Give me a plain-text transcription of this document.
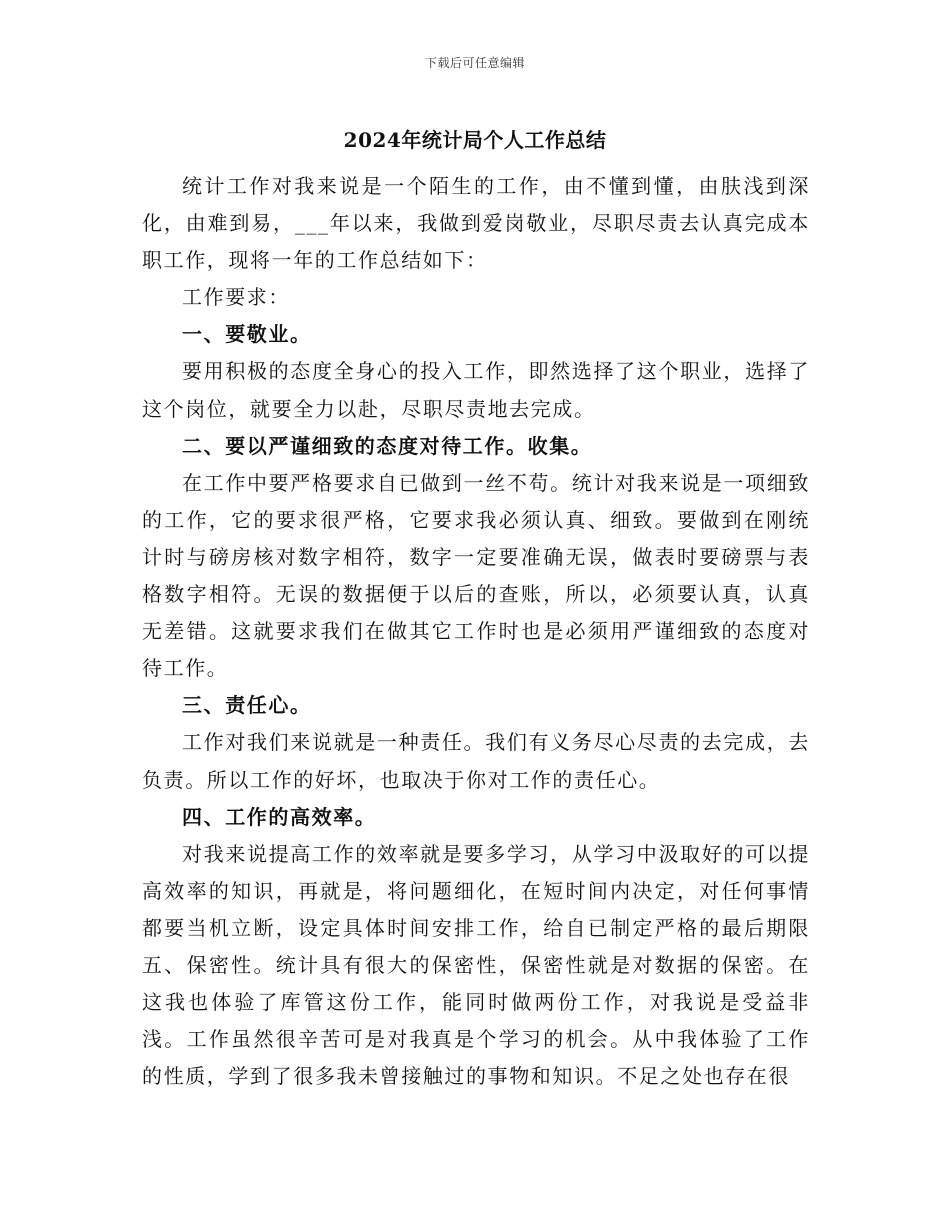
下载后可任意编辑
2024年统计局个人工作总结

统计工作对我来说是一个陌生的工作，由不懂到懂，由肤浅到深化，由难到易，___年以来，我做到爱岗敬业，尽职尽责去认真完成本职工作，现将一年的工作总结如下：

工作要求：

一、要敬业。

要用积极的态度全身心的投入工作，即然选择了这个职业，选择了这个岗位，就要全力以赴，尽职尽责地去完成。

二、要以严谨细致的态度对待工作。收集。

在工作中要严格要求自已做到一丝不苟。统计对我来说是一项细致的工作，它的要求很严格，它要求我必须认真、细致。要做到在刚统计时与磅房核对数字相符，数字一定要准确无误，做表时要磅票与表格数字相符。无误的数据便于以后的查账，所以，必须要认真，认真无差错。这就要求我们在做其它工作时也是必须用严谨细致的态度对待工作。

三、责任心。

工作对我们来说就是一种责任。我们有义务尽心尽责的去完成，去负责。所以工作的好坏，也取决于你对工作的责任心。

四、工作的高效率。

对我来说提高工作的效率就是要多学习，从学习中汲取好的可以提高效率的知识，再就是，将问题细化，在短时间内决定，对任何事情都要当机立断，设定具体时间安排工作，给自已制定严格的最后期限五、保密性。统计具有很大的保密性，保密性就是对数据的保密。在这我也体验了库管这份工作，能同时做两份工作，对我说是受益非浅。工作虽然很辛苦可是对我真是个学习的机会。从中我体验了工作的性质，学到了很多我未曾接触过的事物和知识。不足之处也存在很
